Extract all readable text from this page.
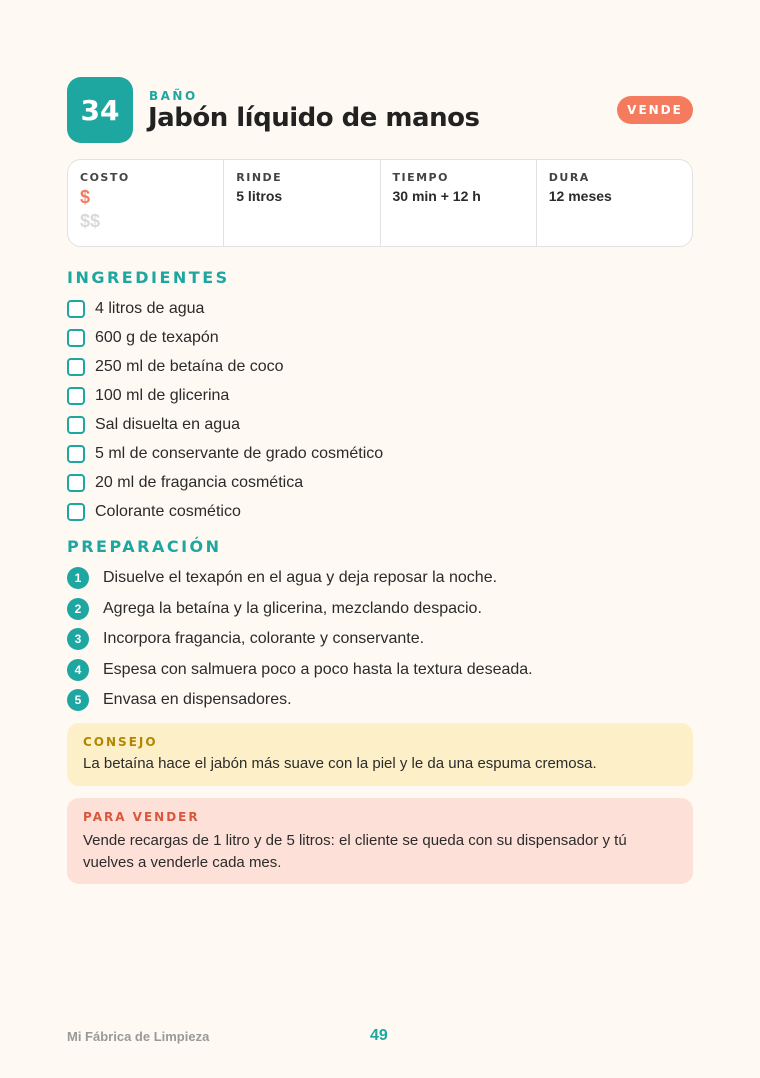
34	BAÑO
Jabón líquido de manos	VENDE
COSTO
$
$$
RINDE
5 litros
TIEMPO
30 min + 12 h
DURA
12 meses
INGREDIENTES
4 litros de agua
600 g de texapón
250 ml de betaína de coco
100 ml de glicerina
Sal disuelta en agua
5 ml de conservante de grado cosmético
20 ml de fragancia cosmética
Colorante cosmético
PREPARACIÓN
1	Disuelve el texapón en el agua y deja reposar la noche.
2	Agrega la betaína y la glicerina, mezclando despacio.
3	Incorpora fragancia, colorante y conservante.
4	Espesa con salmuera poco a poco hasta la textura deseada.
5	Envasa en dispensadores.
CONSEJO
La betaína hace el jabón más suave con la piel y le da una espuma cremosa.
PARA VENDER
Vende recargas de 1 litro y de 5 litros: el cliente se queda con su dispensador y tú vuelves a venderle cada mes.
Mi Fábrica de Limpieza	49
